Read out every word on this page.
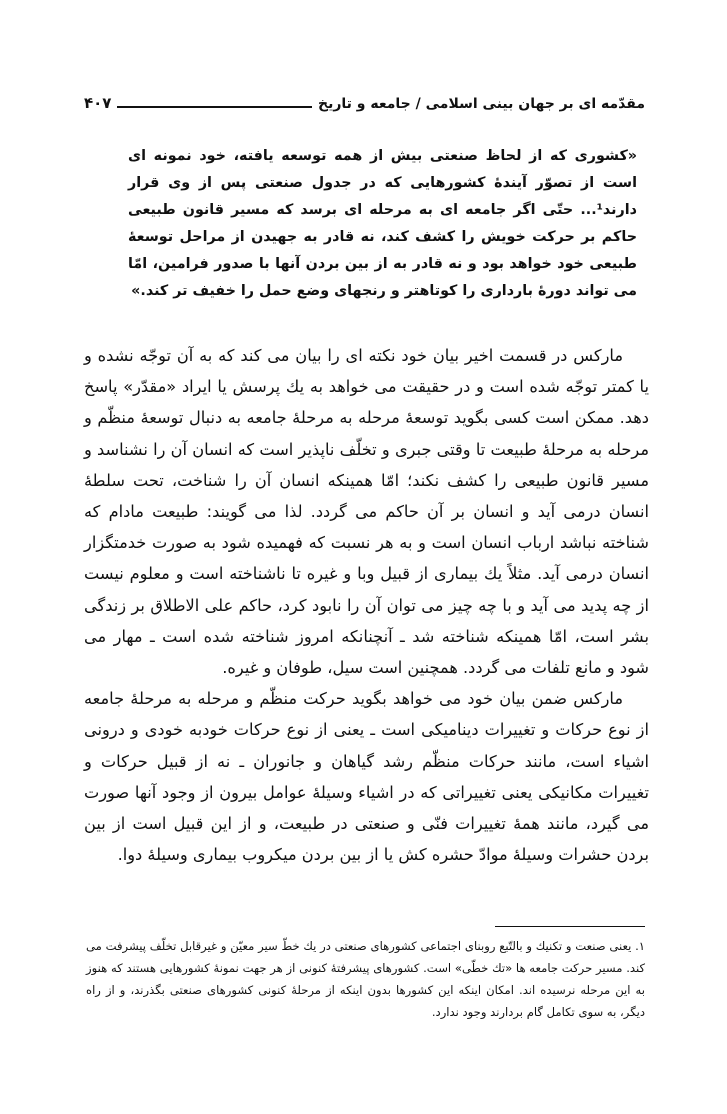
مقدّمه ای بر جهان بینی اسلامی / جامعه و تاریخ
۴۰۷
«کشوری که از لحاظ صنعتی بیش از همه توسعه یافته، خود نمونه ای است از تصوّر آیندهٔ کشورهایی که در جدول صنعتی پس از وی قرار دارند¹... حتّی اگر جامعه ای به مرحله ای برسد که مسیر قانون طبیعی حاکم بر حرکت خویش را کشف کند، نه قادر به جهیدن از مراحل توسعهٔ طبیعی خود خواهد بود و نه قادر به از بین بردن آنها با صدور فرامین، امّا می تواند دورهٔ بارداری را کوتاهتر و رنجهای وضع حمل را خفیف تر کند.»

مارکس در قسمت اخیر بیان خود نکته ای را بیان می کند که به آن توجّه نشده و یا کمتر توجّه شده است و در حقیقت می خواهد به یك پرسش یا ایراد «مقدّر» پاسخ دهد. ممکن است کسی بگوید توسعهٔ مرحله به مرحلهٔ جامعه به دنبال توسعهٔ منظّم و مرحله به مرحلهٔ طبیعت تا وقتی جبری و تخلّف ناپذیر است که انسان آن را نشناسد و مسیر قانون طبیعی را کشف نکند؛ امّا همینکه انسان آن را شناخت، تحت سلطهٔ انسان درمی آید و انسان بر آن حاکم می گردد. لذا می گویند: طبیعت مادام که شناخته نباشد ارباب انسان است و به هر نسبت که فهمیده شود به صورت خدمتگزار انسان درمی آید. مثلاً یك بیماری از قبیل وبا و غیره تا ناشناخته است و معلوم نیست از چه پدید می آید و با چه چیز می توان آن را نابود کرد، حاکم علی الاطلاق بر زندگی بشر است، امّا همینکه شناخته شد ـ آنچنانکه امروز شناخته شده است ـ مهار می شود و مانع تلفات می گردد. همچنین است سیل، طوفان و غیره.

مارکس ضمن بیان خود می خواهد بگوید حرکت منظّم و مرحله به مرحلهٔ جامعه از نوع حرکات و تغییرات دینامیکی است ـ یعنی از نوع حرکات خودبه خودی و درونی اشیاء است، مانند حرکات منظّم رشد گیاهان و جانوران ـ نه از قبیل حرکات و تغییرات مکانیکی یعنی تغییراتی که در اشیاء وسیلهٔ عوامل بیرون از وجود آنها صورت می گیرد، مانند همهٔ تغییرات فنّی و صنعتی در طبیعت، و از این قبیل است از بین بردن حشرات وسیلهٔ موادّ حشره کش یا از بین بردن میکروب بیماری وسیلهٔ دوا.

۱. یعنی صنعت و تکنیك و بالتّبع روبنای اجتماعی کشورهای صنعتی در یك خطّ سیر معیّن و غیرقابل تخلّف پیشرفت می کند. مسیر حرکت جامعه ها «تك خطّی» است. کشورهای پیشرفتهٔ کنونی از هر جهت نمونهٔ کشورهایی هستند که هنوز به این مرحله نرسیده اند. امکان اینکه این کشورها بدون اینکه از مرحلهٔ کنونی کشورهای صنعتی بگذرند، و از راه دیگر، به سوی تکامل گام بردارند وجود ندارد.
